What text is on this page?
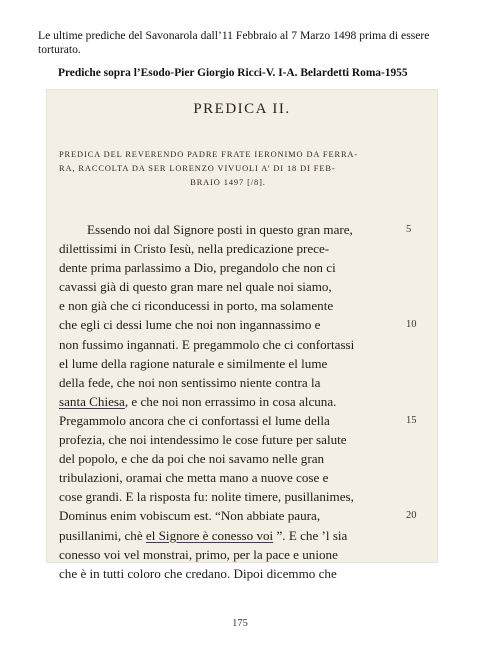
Le ultime prediche del Savonarola dall’11 Febbraio al 7 Marzo 1498 prima di essere torturato.
Prediche sopra l’Esodo-Pier Giorgio Ricci-V. I-A. Belardetti Roma-1955
PREDICA II.
PREDICA DEL REVERENDO PADRE FRATE IERONIMO DA FERRA-
RA, RACCOLTA DA SER LORENZO VIVUOLI A’ DI 18 DI FEB-
BRAIO 1497 [/8].
Essendo noi dal Signore posti in questo gran mare,
dilettissimi in Cristo Iesù, nella predicazione prece-
dente prima parlassimo a Dio, pregandolo che non ci
cavassi già di questo gran mare nel quale noi siamo,
e non già che ci riconducessi in porto, ma solamente
che egli ci dessi lume che noi non ingannassimo e
non fussimo ingannati. E pregammolo che ci confortassi
el lume della ragione naturale e similmente el lume
della fede, che noi non sentissimo niente contra la
santa Chiesa, e che noi non errassimo in cosa alcuna.
Pregammolo ancora che ci confortassi el lume della
profezia, che noi intendessimo le cose future per salute
del popolo, e che da poi che noi savamo nelle gran
tribulazioni, oramai che metta mano a nuove cose e
cose grandi. E la risposta fu: nolite timere, pusillanimes,
Dominus enim vobiscum est. “Non abbiate paura,
pusillanimi, chè el Signore è conesso voi ”. E che ’l sia
conesso voi vel monstrai, primo, per la pace e unione
che è in tutti coloro che credano. Dipoi dicemmo che
5
10
15
20
175
